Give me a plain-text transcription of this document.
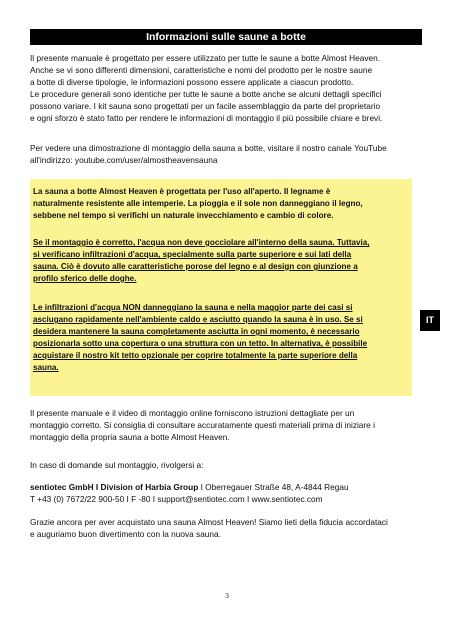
Informazioni sulle saune a botte
Il presente manuale è progettato per essere utilizzato per tutte le saune a botte Almost Heaven.
Anche se vi sono differenti dimensioni, caratteristiche e nomi del prodotto per le nostre saune
a botte di diverse tipologie, le informazioni possono essere applicate a ciascun prodotto.
Le procedure generali sono identiche per tutte le saune a botte anche se alcuni dettagli specifici
possono variare. I kit sauna sono progettati per un facile assemblaggio da parte del proprietario
e ogni sforzo è stato fatto per rendere le informazioni di montaggio il più possibile chiare e brevi.
Per vedere una dimostrazione di montaggio della sauna a botte, visitare il nostro canale YouTube
all'indirizzo: youtube.com/user/almostheavensauna
La sauna a botte Almost Heaven è progettata per l'uso all'aperto. Il legname è
naturalmente resistente alle intemperie. La pioggia e il sole non danneggiano il legno,
sebbene nel tempo si verifichi un naturale invecchiamento e cambio di colore.
Se il montaggio è corretto, l'acqua non deve gocciolare all'interno della sauna. Tuttavia,
si verificano infiltrazioni d'acqua, specialmente sulla parte superiore e sui lati della
sauna. Ciò è dovuto alle caratteristiche porose del legno e al design con giunzione a
profilo sferico delle doghe.
Le infiltrazioni d'acqua NON danneggiano la sauna e nella maggior parte dei casi si
asciugano rapidamente nell'ambiente caldo e asciutto quando la sauna è in uso. Se si
desidera mantenere la sauna completamente asciutta in ogni momento, è necessario
posizionarla sotto una copertura o una struttura con un tetto. In alternativa, è possibile
acquistare il nostro kit tetto opzionale per coprire totalmente la parte superiore della
sauna.
Il presente manuale e il video di montaggio online forniscono istruzioni dettagliate per un
montaggio corretto. Si consiglia di consultare accuratamente questi materiali prima di iniziare i
montaggio della propria sauna a botte Almost Heaven.
In caso di domande sul montaggio, rivolgersi a:
sentiotec GmbH I Division of Harbia Group I Oberregauer Straße 48, A-4844 Regau
T +43 (0) 7672/22 900-50 I F -80 I support@sentiotec.com I www.sentiotec.com
Grazie ancora per aver acquistato una sauna Almost Heaven! Siamo lieti della fiducia accordataci
e auguriamo buon divertimento con la nuova sauna.
IT
3
